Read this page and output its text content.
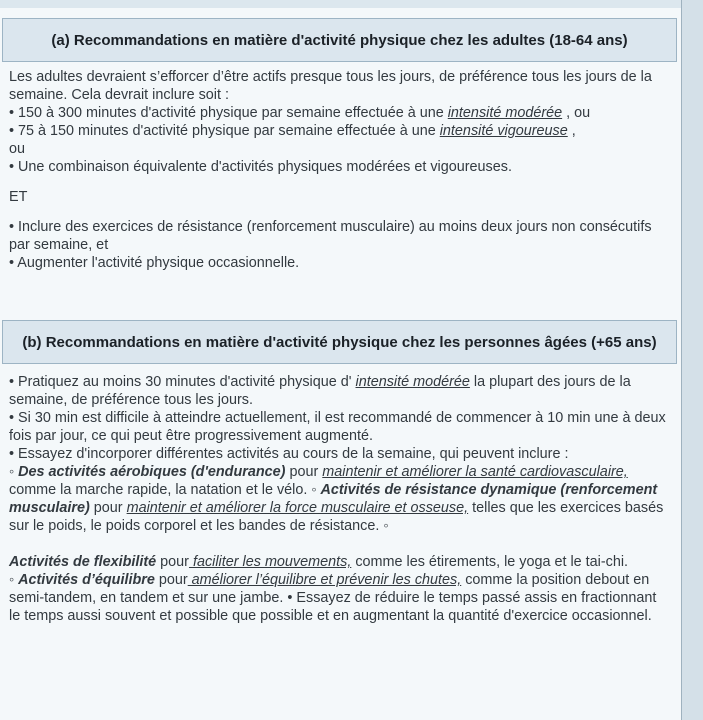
(a) Recommandations en matière d'activité physique chez les adultes (18-64 ans)

Les adultes devraient s’efforcer d’être actifs presque tous les jours, de préférence tous les jours de la semaine. Cela devrait inclure soit :

• 150 à 300 minutes d'activité physique par semaine effectuée à une intensité modérée , ou

• 75 à 150 minutes d'activité physique par semaine effectuée à une intensité vigoureuse ,

ou

• Une combinaison équivalente d'activités physiques modérées et vigoureuses.

ET

• Inclure des exercices de résistance (renforcement musculaire) au moins deux jours non consécutifs par semaine, et

• Augmenter l'activité physique occasionnelle.

(b) Recommandations en matière d'activité physique chez les personnes âgées (+65 ans)

• Pratiquez au moins 30 minutes d'activité physique d' intensité modérée la plupart des jours de la semaine, de préférence tous les jours.

• Si 30 min est difficile à atteindre actuellement, il est recommandé de commencer à 10 min une à deux fois par jour, ce qui peut être progressivement augmenté.

• Essayez d'incorporer différentes activités au cours de la semaine, qui peuvent inclure :

◦ Des activités aérobiques (d'endurance) pour maintenir et améliorer la santé cardiovasculaire, comme la marche rapide, la natation et le vélo. ◦ Activités de résistance dynamique (renforcement musculaire) pour maintenir et améliorer la force musculaire et osseuse, telles que les exercices basés sur le poids, le poids corporel et les bandes de résistance. ◦

Activités de flexibilité pour faciliter les mouvements, comme les étirements, le yoga et le tai-chi.

◦ Activités d’équilibre pour améliorer l’équilibre et prévenir les chutes, comme la position debout en semi-tandem, en tandem et sur une jambe. • Essayez de réduire le temps passé assis en fractionnant le temps aussi souvent et possible que possible et en augmentant la quantité d'exercice occasionnel.
